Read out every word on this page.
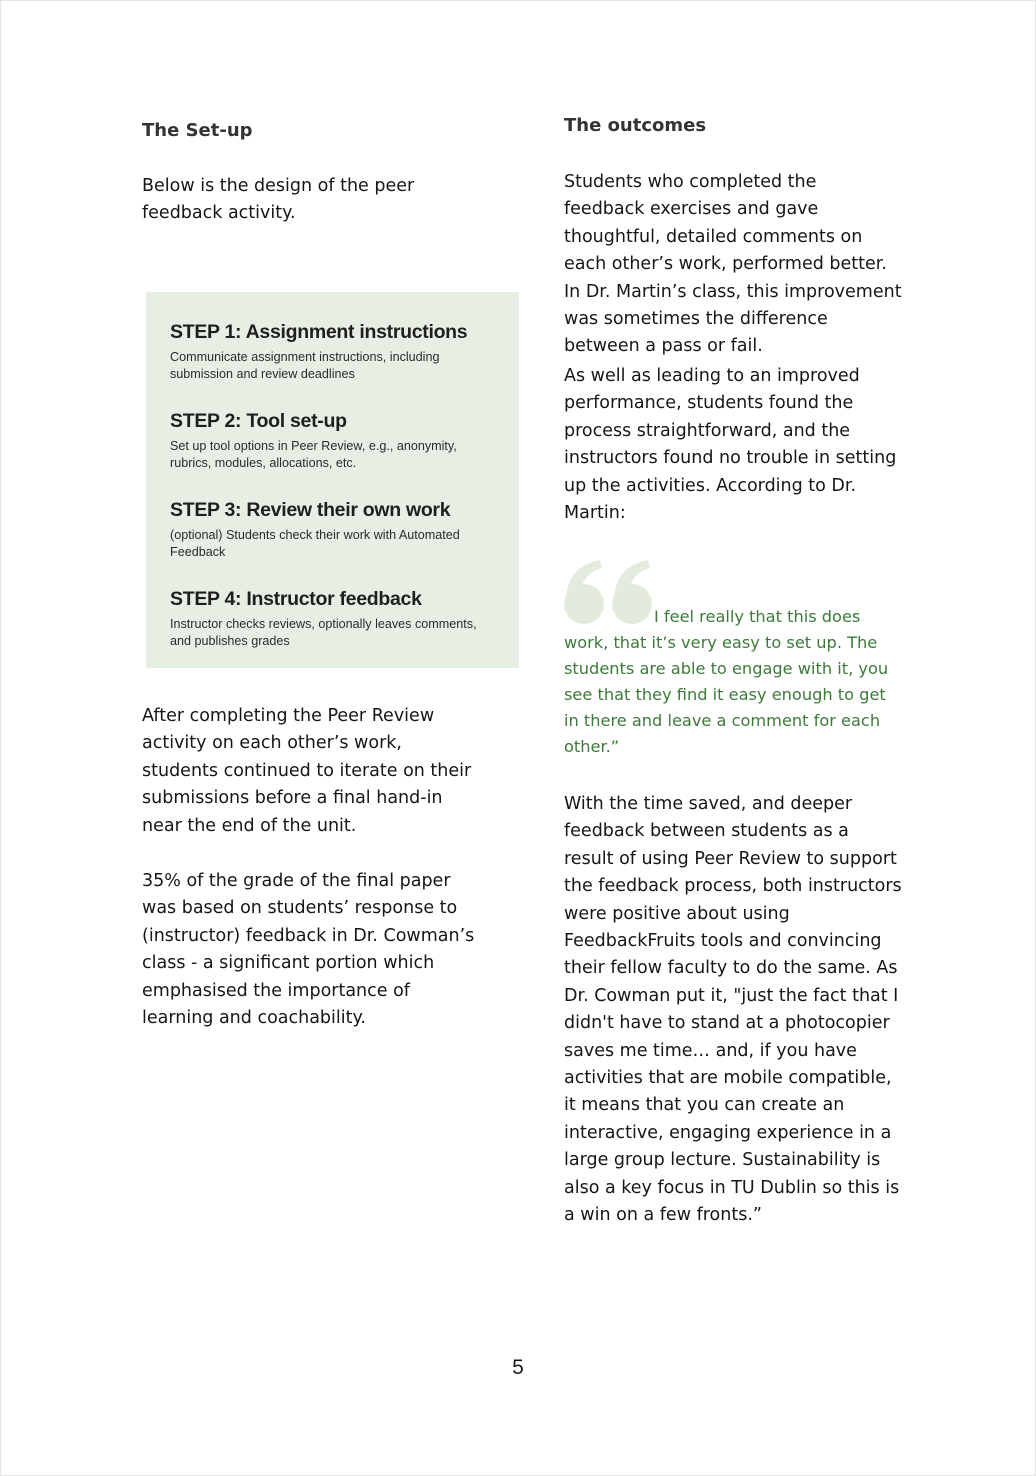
The Set-up

Below is the design of the peer feedback activity.

STEP 1: Assignment instructions

Communicate assignment instructions, including submission and review deadlines

STEP 2: Tool set-up

Set up tool options in Peer Review, e.g., anonymity, rubrics, modules, allocations, etc.

STEP 3: Review their own work

(optional) Students check their work with Automated Feedback

STEP 4: Instructor feedback

Instructor checks reviews, optionally leaves comments, and publishes grades

After completing the Peer Review activity on each other’s work, students continued to iterate on their submissions before a final hand-in near the end of the unit.

35% of the grade of the final paper was based on students’ response to (instructor) feedback in Dr. Cowman’s class - a significant portion which emphasised the importance of learning and coachability.

The outcomes

Students who completed the feedback exercises and gave thoughtful, detailed comments on each other’s work, performed better. In Dr. Martin’s class, this improvement was sometimes the difference between a pass or fail.

As well as leading to an improved performance, students found the process straightforward, and the instructors found no trouble in setting up the activities. According to Dr. Martin:

I feel really that this does work, that it’s very easy to set up. The students are able to engage with it, you see that they find it easy enough to get in there and leave a comment for each other.”

With the time saved, and deeper feedback between students as a result of using Peer Review to support the feedback process, both instructors were positive about using FeedbackFruits tools and convincing their fellow faculty to do the same. As Dr. Cowman put it, "just the fact that I didn't have to stand at a photocopier saves me time… and, if you have activities that are mobile compatible, it means that you can create an interactive, engaging experience in a large group lecture. Sustainability is also a key focus in TU Dublin so this is a win on a few fronts.”

5
